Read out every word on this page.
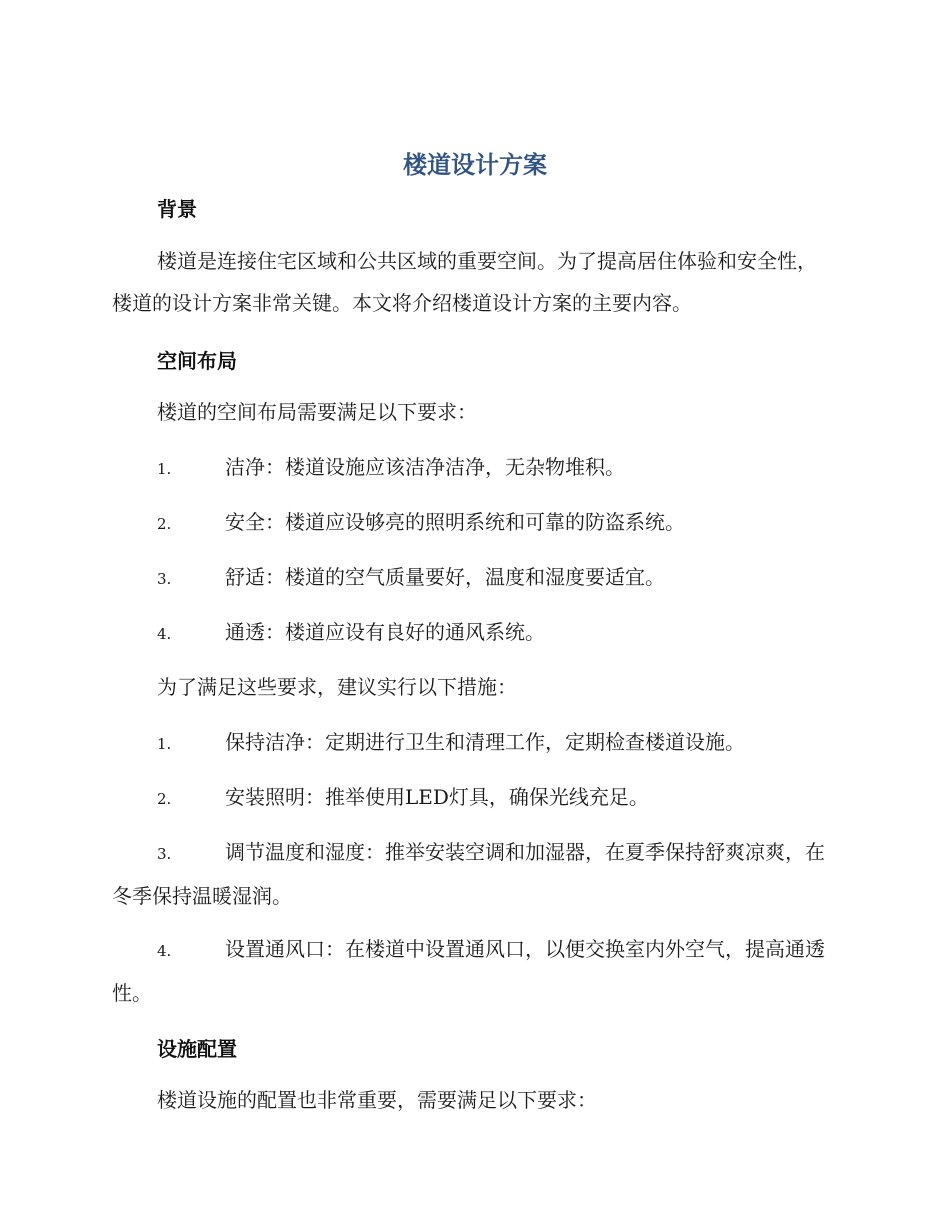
楼道设计方案
背景

楼道是连接住宅区域和公共区域的重要空间。为了提高居住体验和安全性，楼道的设计方案非常关键。本文将介绍楼道设计方案的主要内容。

空间布局

楼道的空间布局需要满足以下要求：

1.	洁净：楼道设施应该洁净洁净，无杂物堆积。

2.	安全：楼道应设够亮的照明系统和可靠的防盗系统。

3.	舒适：楼道的空气质量要好，温度和湿度要适宜。

4.	通透：楼道应设有良好的通风系统。

为了满足这些要求，建议实行以下措施：

1.	保持洁净：定期进行卫生和清理工作，定期检查楼道设施。

2.	安装照明：推举使用LED灯具，确保光线充足。

3.	调节温度和湿度：推举安装空调和加湿器，在夏季保持舒爽凉爽，在冬季保持温暖湿润。

4.	设置通风口：在楼道中设置通风口，以便交换室内外空气，提高通透性。

设施配置

楼道设施的配置也非常重要，需要满足以下要求：
